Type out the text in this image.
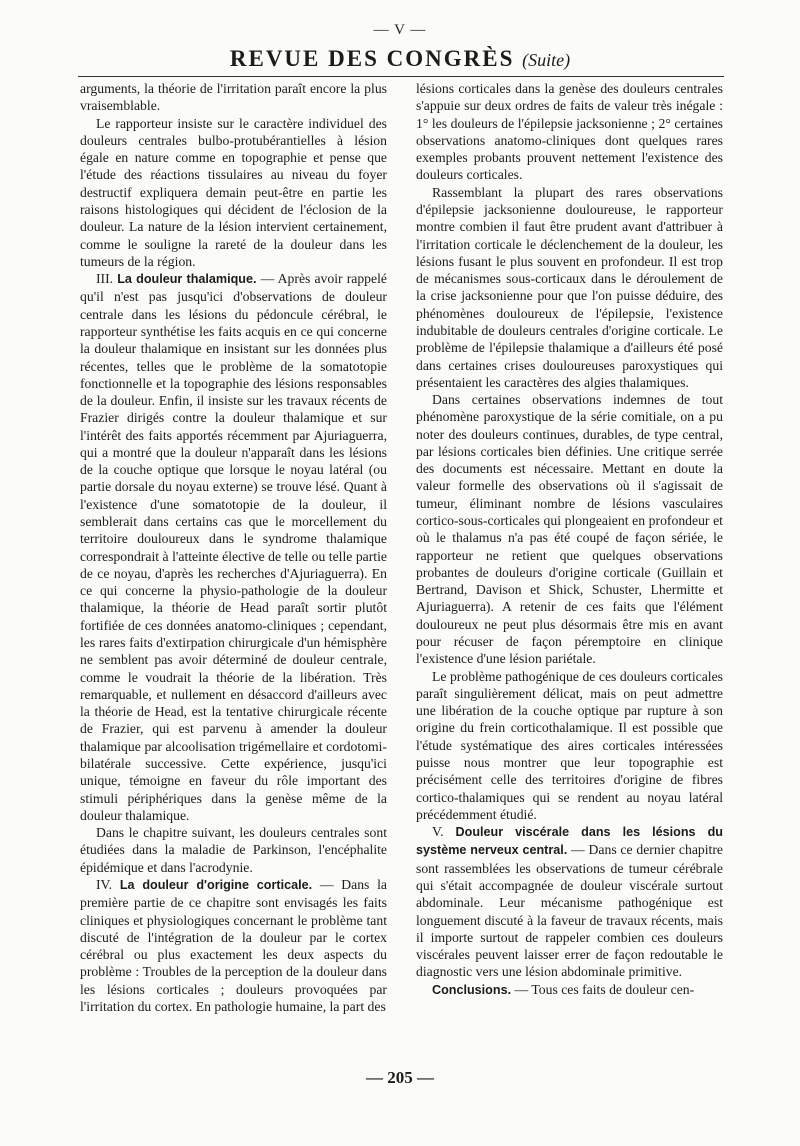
— V —
REVUE DES CONGRÈS (Suite)

arguments, la théorie de l'irritation paraît encore la plus vraisemblable.

Le rapporteur insiste sur le caractère individuel des douleurs centrales bulbo-protubérantielles à lésion égale en nature comme en topographie et pense que l'étude des réactions tissulaires au niveau du foyer destructif expliquera demain peut-être en partie les raisons histologiques qui décident de l'éclosion de la douleur. La nature de la lésion intervient certainement, comme le souligne la rareté de la douleur dans les tumeurs de la région.

III. La douleur thalamique. — Après avoir rappelé qu'il n'est pas jusqu'ici d'observations de douleur centrale dans les lésions du pédoncule cérébral, le rapporteur synthétise les faits acquis en ce qui concerne la douleur thalamique en insistant sur les données plus récentes, telles que le problème de la somatotopie fonctionnelle et la topographie des lésions responsables de la douleur. Enfin, il insiste sur les travaux récents de Frazier dirigés contre la douleur thalamique et sur l'intérêt des faits apportés récemment par Ajuriaguerra, qui a montré que la douleur n'apparaît dans les lésions de la couche optique que lorsque le noyau latéral (ou partie dorsale du noyau externe) se trouve lésé. Quant à l'existence d'une somatotopie de la douleur, il semblerait dans certains cas que le morcellement du territoire douloureux dans le syndrome thalamique correspondrait à l'atteinte élective de telle ou telle partie de ce noyau, d'après les recherches d'Ajuriaguerra). En ce qui concerne la physio-pathologie de la douleur thalamique, la théorie de Head paraît sortir plutôt fortifiée de ces données anatomo-cliniques ; cependant, les rares faits d'extirpation chirurgicale d'un hémisphère ne semblent pas avoir déterminé de douleur centrale, comme le voudrait la théorie de la libération. Très remarquable, et nullement en désaccord d'ailleurs avec la théorie de Head, est la tentative chirurgicale récente de Frazier, qui est parvenu à amender la douleur thalamique par alcoolisation trigémellaire et cordotomi-bilatérale successive. Cette expérience, jusqu'ici unique, témoigne en faveur du rôle important des stimuli périphériques dans la genèse même de la douleur thalamique.

Dans le chapitre suivant, les douleurs centrales sont étudiées dans la maladie de Parkinson, l'encéphalite épidémique et dans l'acrodynie.

IV. La douleur d'origine corticale. — Dans la première partie de ce chapitre sont envisagés les faits cliniques et physiologiques concernant le problème tant discuté de l'intégration de la douleur par le cortex cérébral ou plus exactement les deux aspects du problème : Troubles de la perception de la douleur dans les lésions corticales ; douleurs provoquées par l'irritation du cortex. En pathologie humaine, la part des

lésions corticales dans la genèse des douleurs centrales s'appuie sur deux ordres de faits de valeur très inégale : 1° les douleurs de l'épilepsie jacksonienne ; 2° certaines observations anatomo-cliniques dont quelques rares exemples probants prouvent nettement l'existence des douleurs corticales.

Rassemblant la plupart des rares observations d'épilepsie jacksonienne douloureuse, le rapporteur montre combien il faut être prudent avant d'attribuer à l'irritation corticale le déclenchement de la douleur, les lésions fusant le plus souvent en profondeur. Il est trop de mécanismes sous-corticaux dans le déroulement de la crise jacksonienne pour que l'on puisse déduire, des phénomènes douloureux de l'épilepsie, l'existence indubitable de douleurs centrales d'origine corticale. Le problème de l'épilepsie thalamique a d'ailleurs été posé dans certaines crises douloureuses paroxystiques qui présentaient les caractères des algies thalamiques.

Dans certaines observations indemnes de tout phénomène paroxystique de la série comitiale, on a pu noter des douleurs continues, durables, de type central, par lésions corticales bien définies. Une critique serrée des documents est nécessaire. Mettant en doute la valeur formelle des observations où il s'agissait de tumeur, éliminant nombre de lésions vasculaires cortico-sous-corticales qui plongeaient en profondeur et où le thalamus n'a pas été coupé de façon sériée, le rapporteur ne retient que quelques observations probantes de douleurs d'origine corticale (Guillain et Bertrand, Davison et Shick, Schuster, Lhermitte et Ajuriaguerra). A retenir de ces faits que l'élément douloureux ne peut plus désormais être mis en avant pour récuser de façon péremptoire en clinique l'existence d'une lésion pariétale.

Le problème pathogénique de ces douleurs corticales paraît singulièrement délicat, mais on peut admettre une libération de la couche optique par rupture à son origine du frein corticothalamique. Il est possible que l'étude systématique des aires corticales intéressées puisse nous montrer que leur topographie est précisément celle des territoires d'origine de fibres cortico-thalamiques qui se rendent au noyau latéral précédemment étudié.

V. Douleur viscérale dans les lésions du système nerveux central. — Dans ce dernier chapitre sont rassemblées les observations de tumeur cérébrale qui s'était accompagnée de douleur viscérale surtout abdominale. Leur mécanisme pathogénique est longuement discuté à la faveur de travaux récents, mais il importe surtout de rappeler combien ces douleurs viscérales peuvent laisser errer de façon redoutable le diagnostic vers une lésion abdominale primitive.

Conclusions. — Tous ces faits de douleur cen-

— 205 —
